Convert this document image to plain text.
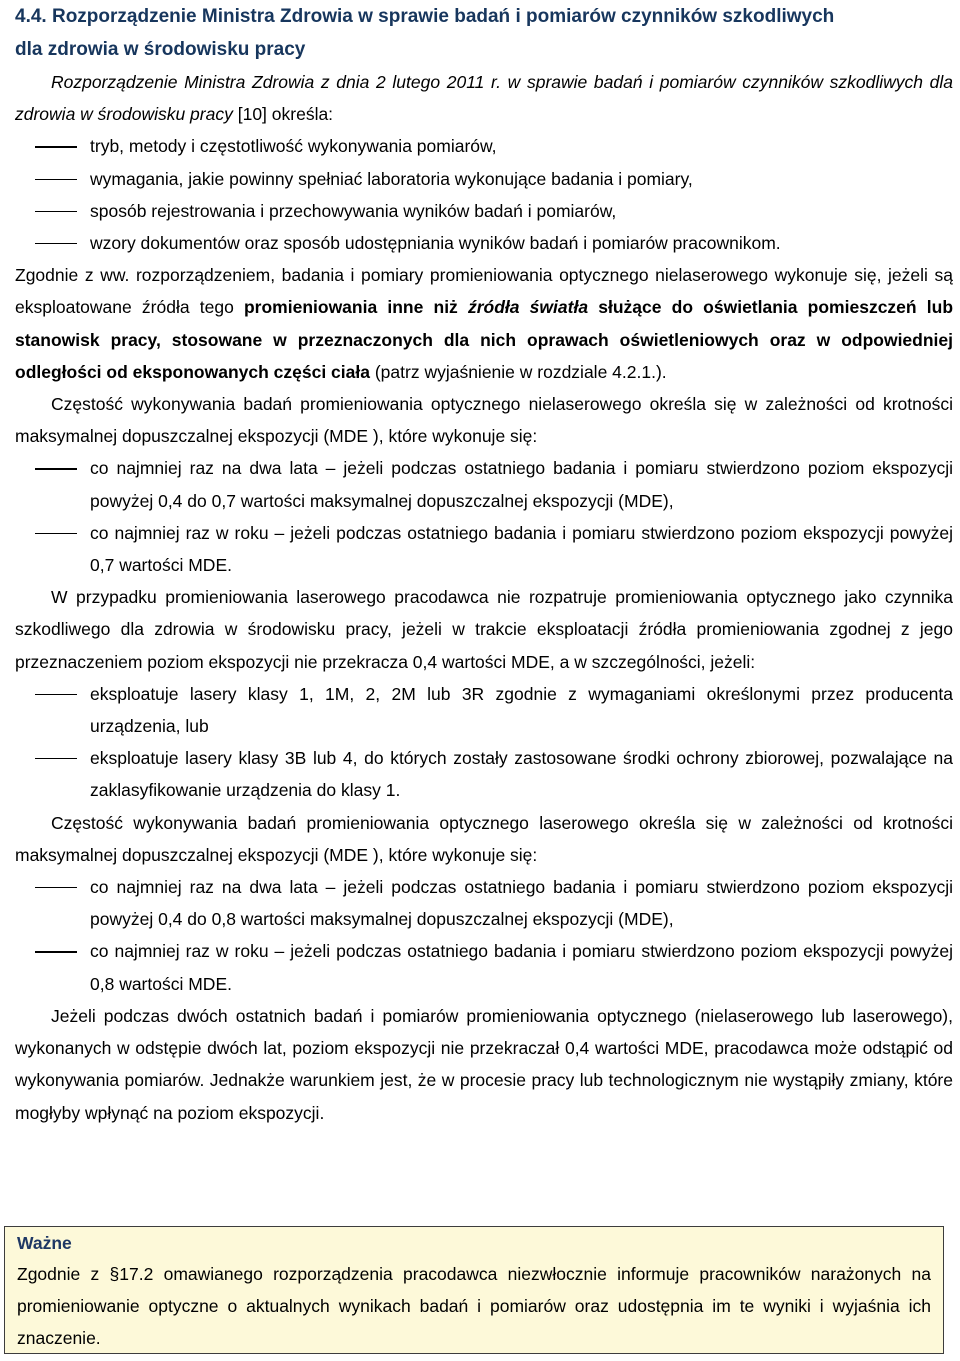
4.4. Rozporządzenie Ministra Zdrowia w sprawie badań i pomiarów czynników szkodliwych

dla zdrowia w środowisku pracy

Rozporządzenie Ministra Zdrowia z dnia 2 lutego 2011 r. w sprawie badań i pomiarów czynników szkodliwych dla zdrowia w środowisku pracy [10] określa:

tryb, metody i częstotliwość wykonywania pomiarów,
wymagania, jakie powinny spełniać laboratoria wykonujące badania i pomiary,
sposób rejestrowania i przechowywania wyników badań i pomiarów,
wzory dokumentów oraz sposób udostępniania wyników badań i pomiarów pracownikom.

Zgodnie z ww. rozporządzeniem, badania i pomiary promieniowania optycznego nielaserowego wykonuje się, jeżeli są eksploatowane źródła tego promieniowania inne niż źródła światła służące do oświetlania pomieszczeń lub stanowisk pracy, stosowane w przeznaczonych dla nich oprawach oświetleniowych oraz w odpowiedniej odległości od eksponowanych części ciała (patrz wyjaśnienie w rozdziale 4.2.1.).

Częstość wykonywania badań promieniowania optycznego nielaserowego określa się w zależności od krotności maksymalnej dopuszczalnej ekspozycji (MDE ), które wykonuje się:

co najmniej raz na dwa lata – jeżeli podczas ostatniego badania i pomiaru stwierdzono poziom ekspozycji powyżej 0,4 do 0,7 wartości maksymalnej dopuszczalnej ekspozycji (MDE),
co najmniej raz w roku – jeżeli podczas ostatniego badania i pomiaru stwierdzono poziom ekspozycji powyżej 0,7 wartości MDE.

W przypadku promieniowania laserowego pracodawca nie rozpatruje promieniowania optycznego jako czynnika szkodliwego dla zdrowia w środowisku pracy, jeżeli w trakcie eksploatacji źródła promieniowania zgodnej z jego przeznaczeniem poziom ekspozycji nie przekracza 0,4 wartości MDE, a w szczególności, jeżeli:

eksploatuje lasery klasy 1, 1M, 2, 2M lub 3R zgodnie z wymaganiami określonymi przez producenta urządzenia, lub
eksploatuje lasery klasy 3B lub 4, do których zostały zastosowane środki ochrony zbiorowej, pozwalające na zaklasyfikowanie urządzenia do klasy 1.

Częstość wykonywania badań promieniowania optycznego laserowego określa się w zależności od krotności maksymalnej dopuszczalnej ekspozycji (MDE ), które wykonuje się:

co najmniej raz na dwa lata – jeżeli podczas ostatniego badania i pomiaru stwierdzono poziom ekspozycji powyżej 0,4 do 0,8 wartości maksymalnej dopuszczalnej ekspozycji (MDE),
co najmniej raz w roku – jeżeli podczas ostatniego badania i pomiaru stwierdzono poziom ekspozycji powyżej 0,8 wartości MDE.

Jeżeli podczas dwóch ostatnich badań i pomiarów promieniowania optycznego (nielaserowego lub laserowego), wykonanych w odstępie dwóch lat, poziom ekspozycji nie przekraczał 0,4 wartości MDE, pracodawca może odstąpić od wykonywania pomiarów. Jednakże warunkiem jest, że w procesie pracy lub technologicznym nie wystąpiły zmiany, które mogłyby wpłynąć na poziom ekspozycji.

Ważne

Zgodnie z §17.2 omawianego rozporządzenia pracodawca niezwłocznie informuje pracowników narażonych na promieniowanie optyczne o aktualnych wynikach badań i pomiarów oraz udostępnia im te wyniki i wyjaśnia ich znaczenie.
